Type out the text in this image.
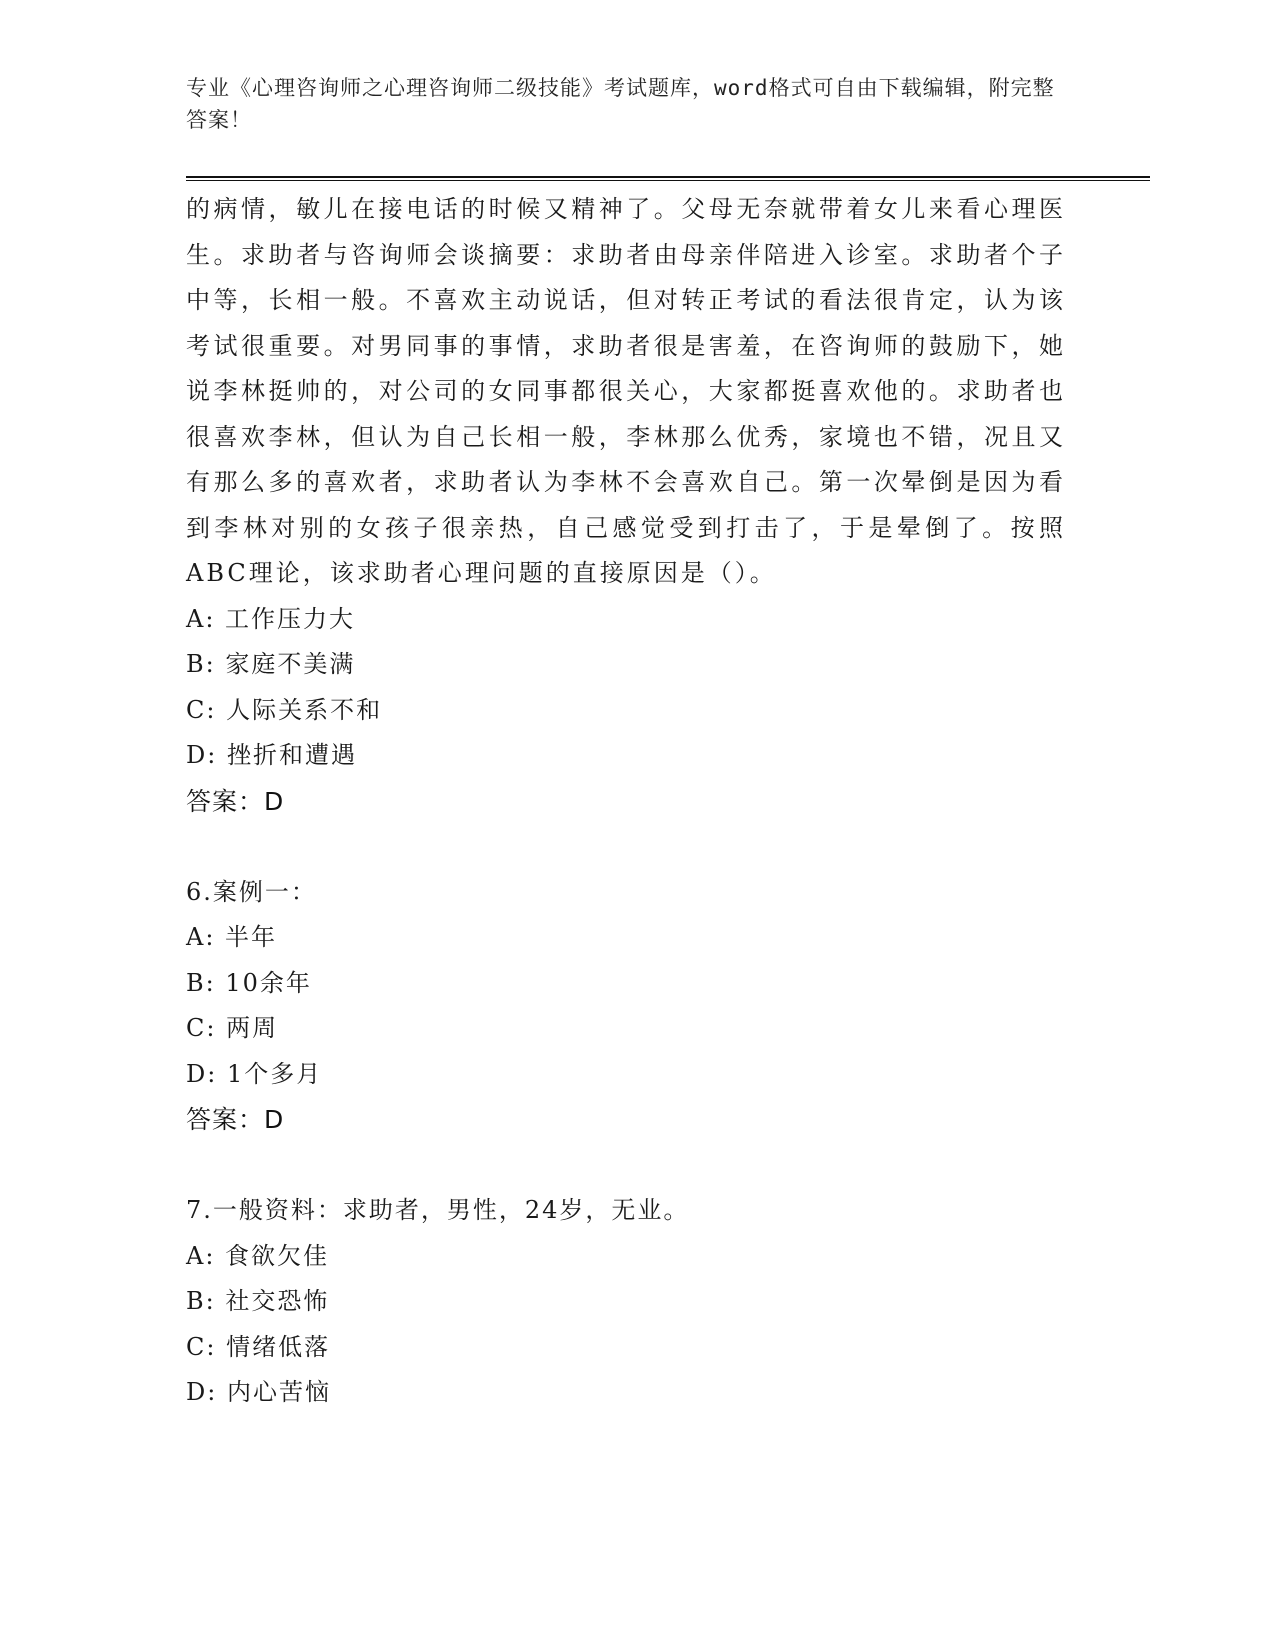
专业《心理咨询师之心理咨询师二级技能》考试题库，word格式可自由下载编辑，附完整答案！

的病情，敏儿在接电话的时候又精神了。父母无奈就带着女儿来看心理医生。求助者与咨询师会谈摘要：求助者由母亲伴陪进入诊室。求助者个子中等，长相一般。不喜欢主动说话，但对转正考试的看法很肯定，认为该考试很重要。对男同事的事情，求助者很是害羞，在咨询师的鼓励下，她说李林挺帅的，对公司的女同事都很关心，大家都挺喜欢他的。求助者也很喜欢李林，但认为自己长相一般，李林那么优秀，家境也不错，况且又有那么多的喜欢者，求助者认为李林不会喜欢自己。第一次晕倒是因为看到李林对别的女孩子很亲热，自己感觉受到打击了，于是晕倒了。按照ABC理论，该求助者心理问题的直接原因是（）。

A: 工作压力大

B: 家庭不美满

C: 人际关系不和

D: 挫折和遭遇

答案：D

6.案例一：

A: 半年

B: 10余年

C: 两周

D: 1个多月

答案：D

7.一般资料：求助者，男性，24岁，无业。

A: 食欲欠佳

B: 社交恐怖

C: 情绪低落

D: 内心苦恼
